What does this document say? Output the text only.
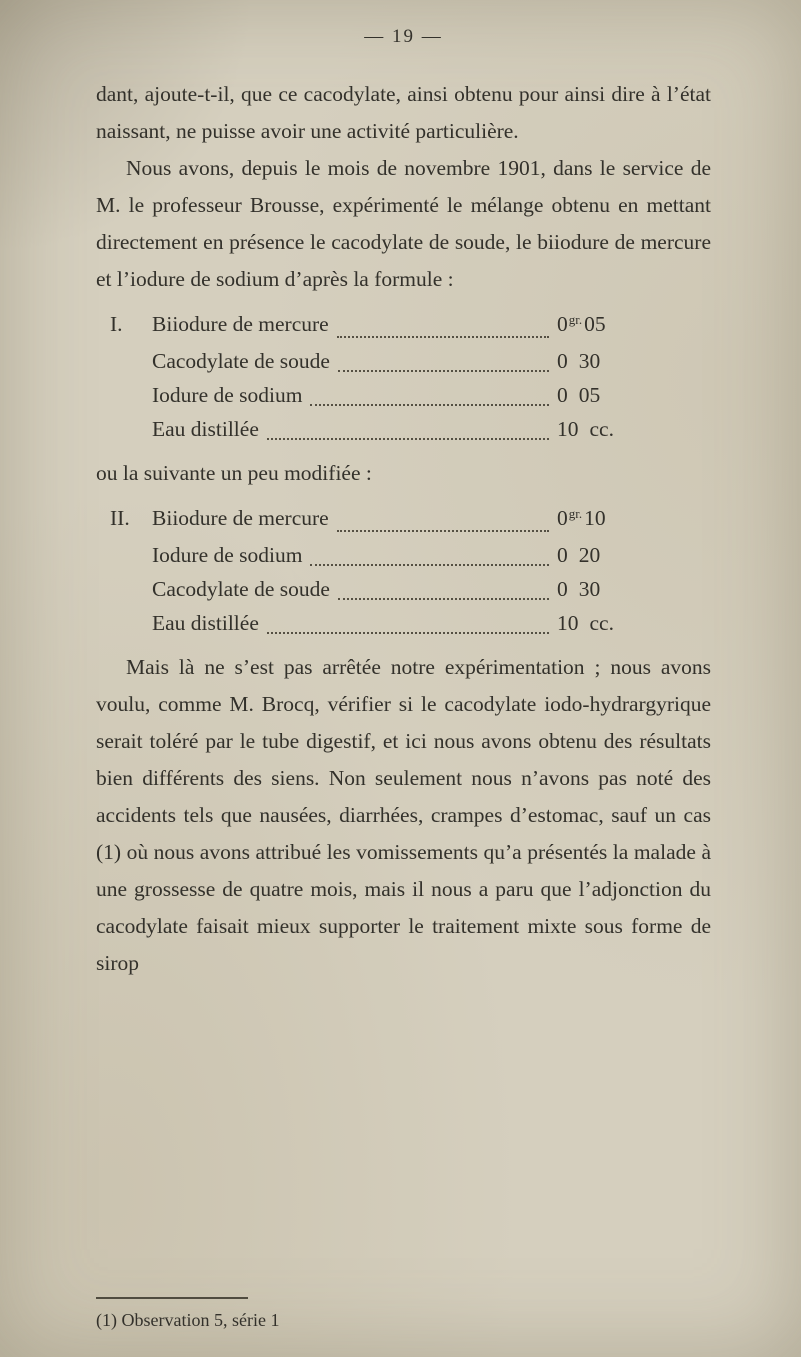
— 19 —

dant, ajoute-t-il, que ce cacodylate, ainsi obtenu pour ainsi dire à l’état naissant, ne puisse avoir une activité particulière.

Nous avons, depuis le mois de novembre 1901, dans le service de M. le professeur Brousse, expérimenté le mélange obtenu en mettant directement en présence le cacodylate de soude, le biiodure de mercure et l’iodure de sodium d’après la formule :

I.	Biiodure de mercure	0 gr. 05
Cacodylate de soude	0 30
Iodure de sodium	0 05
Eau distillée	10 cc.

ou la suivante un peu modifiée :

II.	Biiodure de mercure	0 gr. 10
Iodure de sodium	0 20
Cacodylate de soude	0 30
Eau distillée	10 cc.

Mais là ne s’est pas arrêtée notre expérimentation ; nous avons voulu, comme M. Brocq, vérifier si le cacodylate iodo-hydrargyrique serait toléré par le tube digestif, et ici nous avons obtenu des résultats bien différents des siens. Non seulement nous n’avons pas noté des accidents tels que nausées, diarrhées, crampes d’estomac, sauf un cas (1) où nous avons attribué les vomissements qu’a présentés la malade à une grossesse de quatre mois, mais il nous a paru que l’adjonction du cacodylate faisait mieux supporter le traitement mixte sous forme de sirop

(1) Observation 5, série 1
